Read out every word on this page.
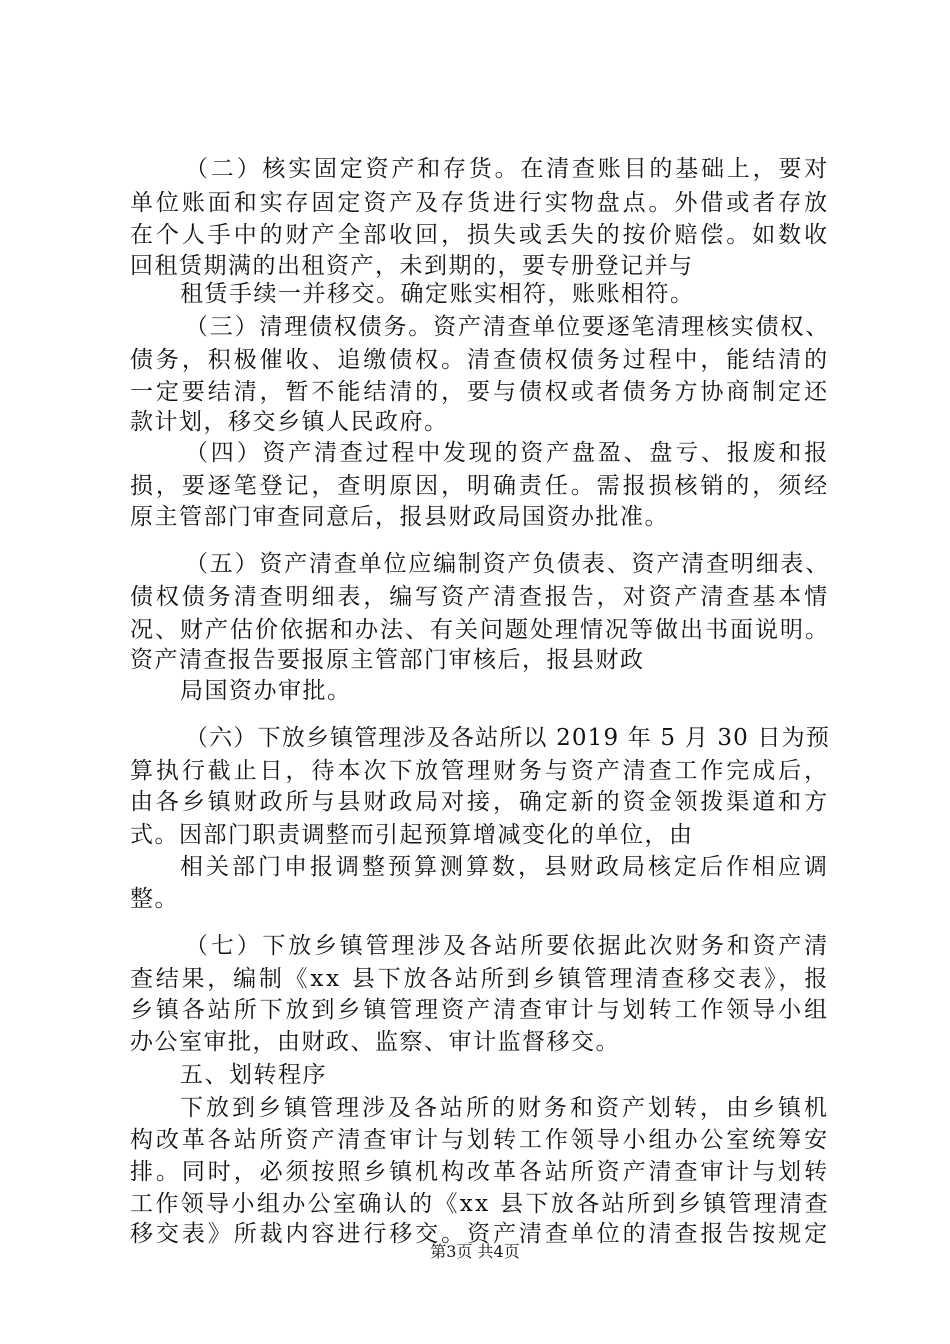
（二）核实固定资产和存货。在清查账目的基础上，要对
单位账面和实存固定资产及存货进行实物盘点。外借或者存放
在个人手中的财产全部收回，损失或丢失的按价赔偿。如数收
回租赁期满的出租资产，未到期的，要专册登记并与
租赁手续一并移交。确定账实相符，账账相符。
（三）清理债权债务。资产清查单位要逐笔清理核实债权、
债务，积极催收、追缴债权。清查债权债务过程中，能结清的
一定要结清，暂不能结清的，要与债权或者债务方协商制定还
款计划，移交乡镇人民政府。
（四）资产清查过程中发现的资产盘盈、盘亏、报废和报
损，要逐笔登记，查明原因，明确责任。需报损核销的，须经
原主管部门审查同意后，报县财政局国资办批准。
（五）资产清查单位应编制资产负债表、资产清查明细表、
债权债务清查明细表，编写资产清查报告，对资产清查基本情
况、财产估价依据和办法、有关问题处理情况等做出书面说明。
资产清查报告要报原主管部门审核后，报县财政
局国资办审批。
（六）下放乡镇管理涉及各站所以 2019 年 5 月 30 日为预
算执行截止日，待本次下放管理财务与资产清查工作完成后，
由各乡镇财政所与县财政局对接，确定新的资金领拨渠道和方
式。因部门职责调整而引起预算增减变化的单位，由
相关部门申报调整预算测算数，县财政局核定后作相应调
整。
（七）下放乡镇管理涉及各站所要依据此次财务和资产清
查结果，编制《xx 县下放各站所到乡镇管理清查移交表》，报
乡镇各站所下放到乡镇管理资产清查审计与划转工作领导小组
办公室审批，由财政、监察、审计监督移交。
五、划转程序
下放到乡镇管理涉及各站所的财务和资产划转，由乡镇机
构改革各站所资产清查审计与划转工作领导小组办公室统筹安
排。同时，必须按照乡镇机构改革各站所资产清查审计与划转
工作领导小组办公室确认的《xx 县下放各站所到乡镇管理清查
移交表》所裁内容进行移交。资产清查单位的清查报告按规定
第3页 共4页
